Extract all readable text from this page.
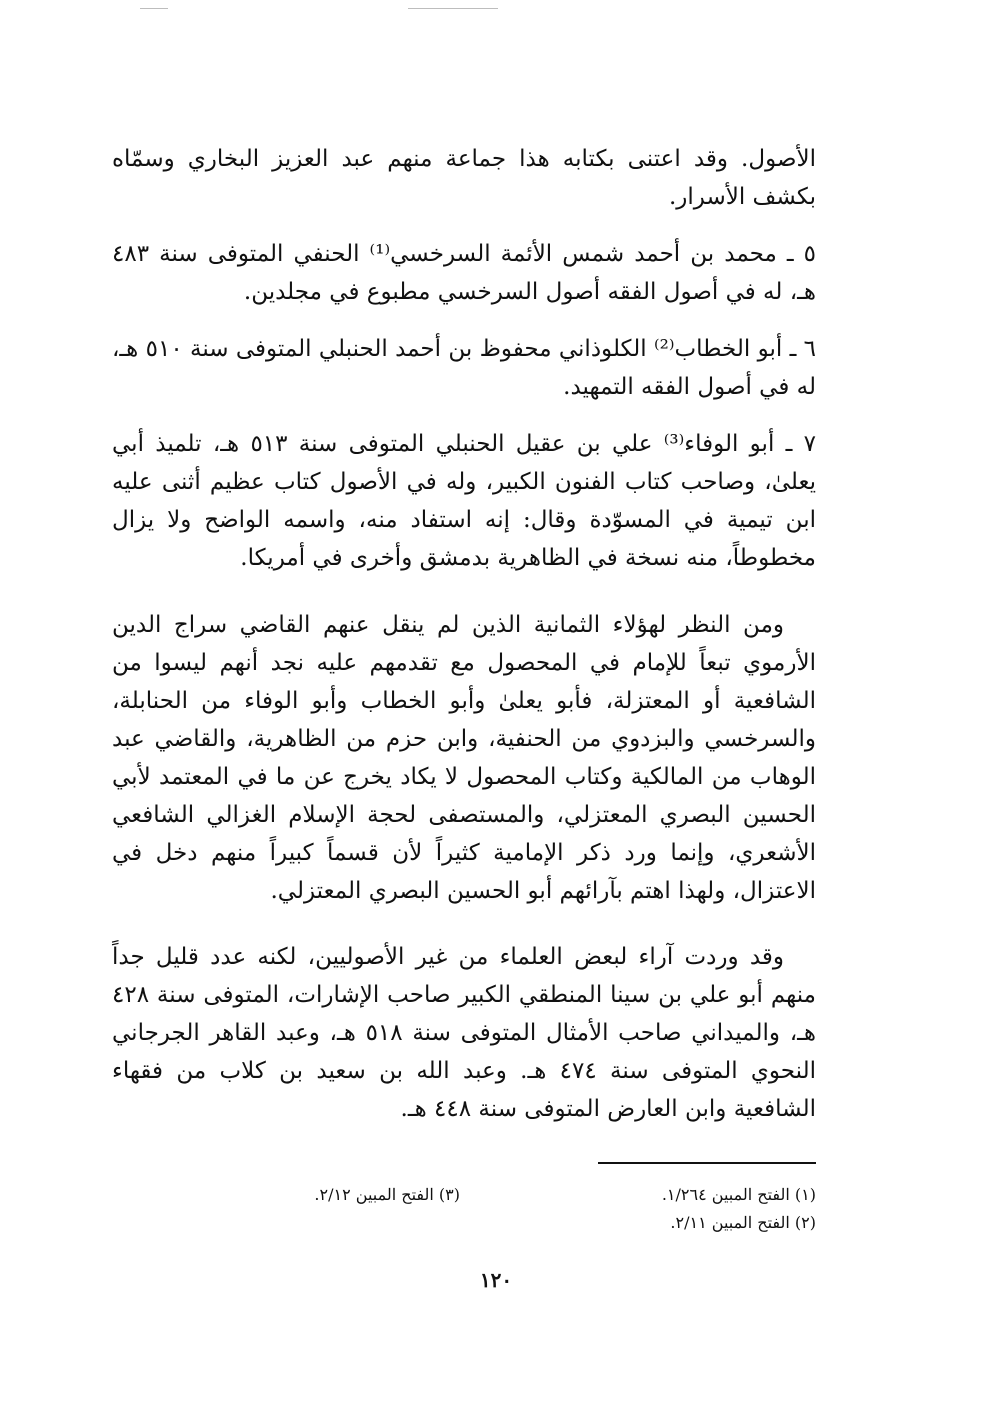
الأصول. وقد اعتنى بكتابه هذا جماعة منهم عبد العزيز البخاري وسمّاه بكشف الأسرار.

٥ ـ محمد بن أحمد شمس الأئمة السرخسي⁽¹⁾ الحنفي المتوفى سنة ٤٨٣ هـ، له في أصول الفقه أصول السرخسي مطبوع في مجلدين.

٦ ـ أبو الخطاب⁽²⁾ الكلوذاني محفوظ بن أحمد الحنبلي المتوفى سنة ٥١٠ هـ، له في أصول الفقه التمهيد.

٧ ـ أبو الوفاء⁽³⁾ علي بن عقيل الحنبلي المتوفى سنة ٥١٣ هـ، تلميذ أبي يعلىٰ، وصاحب كتاب الفنون الكبير، وله في الأصول كتاب عظيم أثنى عليه ابن تيمية في المسوّدة وقال: إنه استفاد منه، واسمه الواضح ولا يزال مخطوطاً، منه نسخة في الظاهرية بدمشق وأخرى في أمريكا.

ومن النظر لهؤلاء الثمانية الذين لم ينقل عنهم القاضي سراج الدين الأرموي تبعاً للإمام في المحصول مع تقدمهم عليه نجد أنهم ليسوا من الشافعية أو المعتزلة، فأبو يعلىٰ وأبو الخطاب وأبو الوفاء من الحنابلة، والسرخسي والبزدوي من الحنفية، وابن حزم من الظاهرية، والقاضي عبد الوهاب من المالكية وكتاب المحصول لا يكاد يخرج عن ما في المعتمد لأبي الحسين البصري المعتزلي، والمستصفى لحجة الإسلام الغزالي الشافعي الأشعري، وإنما ورد ذكر الإمامية كثيراً لأن قسماً كبيراً منهم دخل في الاعتزال، ولهذا اهتم بآرائهم أبو الحسين البصري المعتزلي.

وقد وردت آراء لبعض العلماء من غير الأصوليين، لكنه عدد قليل جداً منهم أبو علي بن سينا المنطقي الكبير صاحب الإشارات، المتوفى سنة ٤٢٨ هـ، والميداني صاحب الأمثال المتوفى سنة ٥١٨ هـ، وعبد القاهر الجرجاني النحوي المتوفى سنة ٤٧٤ هـ. وعبد الله بن سعيد بن كلاب من فقهاء الشافعية وابن العارض المتوفى سنة ٤٤٨ هـ.

(١) الفتح المبين ١/٢٦٤.
(٢) الفتح المبين ٢/١١.
(٣) الفتح المبين ٢/١٢.
١٢٠
